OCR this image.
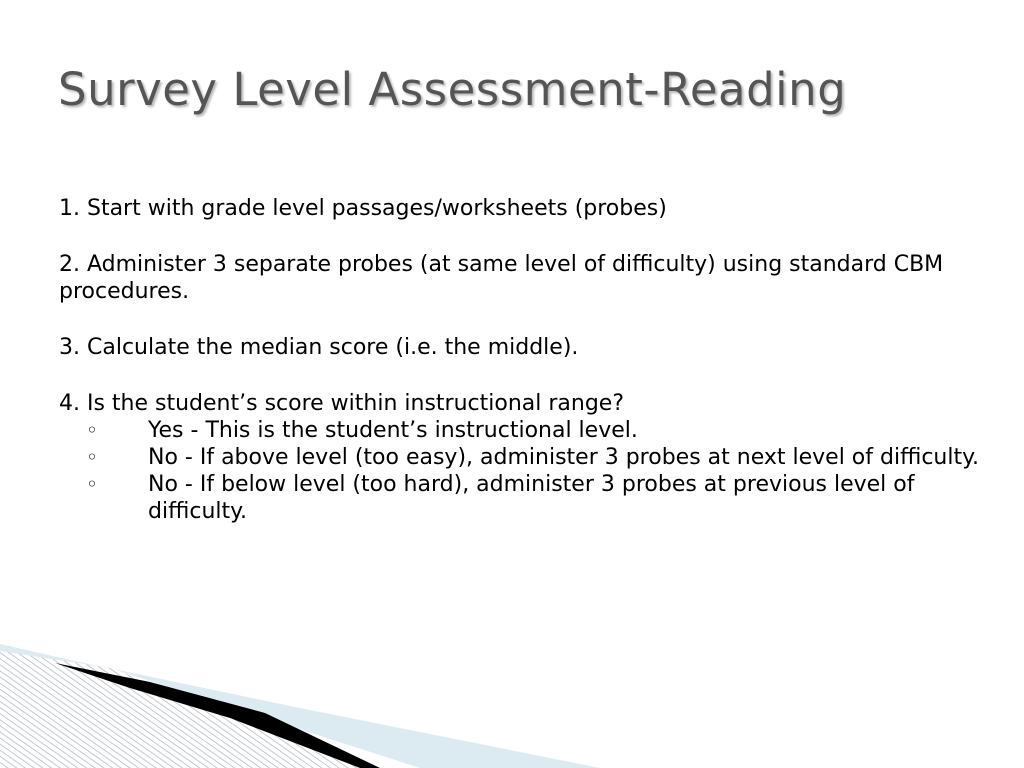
Survey Level Assessment-Reading

1. Start with grade level passages/worksheets (probes)

2. Administer 3 separate probes (at same level of difficulty) using standard CBM procedures.

3. Calculate the median score (i.e. the middle).

4. Is the student’s score within instructional range?

◦ Yes - This is the student’s instructional level.
◦ No - If above level (too easy), administer 3 probes at next level of difficulty.
◦ No - If below level (too hard), administer 3 probes at previous level of difficulty.
